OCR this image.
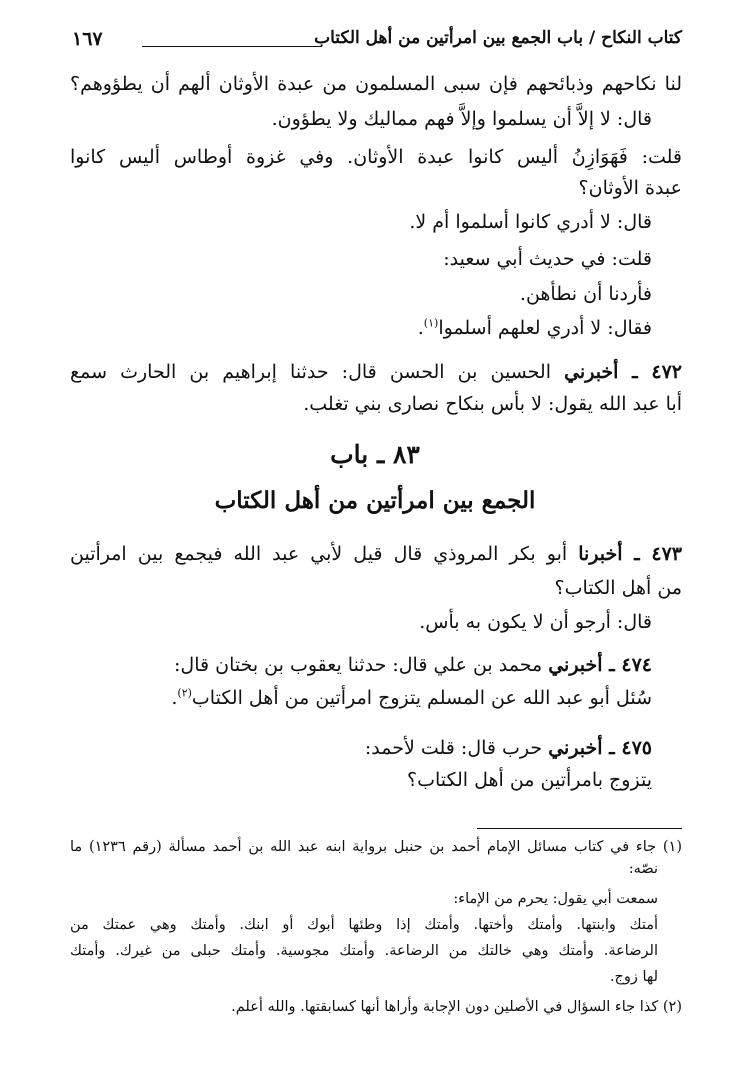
كتاب النكاح / باب الجمع بين امرأتين من أهل الكتاب
١٦٧
لنا نكاحهم وذبائحهم فإن سبى المسلمون من عبدة الأوثان ألهم أن يطؤوهم؟
قال: لا إلاَّ أن يسلموا وإلاَّ فهم مماليك ولا يطؤون.
قلت: فَهَوَازِنُ أليس كانوا عبدة الأوثان. وفي غزوة أوطاس أليس كانوا
عبدة الأوثان؟
قال: لا أدري كانوا أسلموا أم لا.
قلت: في حديث أبي سعيد:
فأردنا أن نطأهن.
فقال: لا أدري لعلهم أسلموا$^{(١)}$.
٤٧٢ ـ أخبرني الحسين بن الحسن قال: حدثنا إبراهيم بن الحارث سمع
أبا عبد الله يقول: لا بأس بنكاح نصارى بني تغلب.
٨٣ ـ باب
الجمع بين امرأتين من أهل الكتاب
٤٧٣ ـ أخبرنا أبو بكر المروذي قال قيل لأبي عبد الله فيجمع بين امرأتين
من أهل الكتاب؟
قال: أرجو أن لا يكون به بأس.
٤٧٤ ـ أخبرني محمد بن علي قال: حدثنا يعقوب بن بختان قال:
سُئل أبو عبد الله عن المسلم يتزوج امرأتين من أهل الكتاب$^{(٢)}$.
٤٧٥ ـ أخبرني حرب قال: قلت لأحمد:
يتزوج بامرأتين من أهل الكتاب؟
(١) جاء في كتاب مسائل الإمام أحمد بن حنبل برواية ابنه عبد الله بن أحمد مسألة (رقم ١٢٣٦) ما
نصّه:
سمعت أبي يقول: يحرم من الإماء:
أمتك وابنتها. وأمتك وأختها. وأمتك إذا وطئها أبوك أو ابنك. وأمتك وهي عمتك من
الرضاعة. وأمتك وهي خالتك من الرضاعة. وأمتك مجوسية. وأمتك حبلى من غيرك. وأمتك
لها زوج.
(٢) كذا جاء السؤال في الأصلين دون الإجابة وأراها أنها كسابقتها. والله أعلم.
